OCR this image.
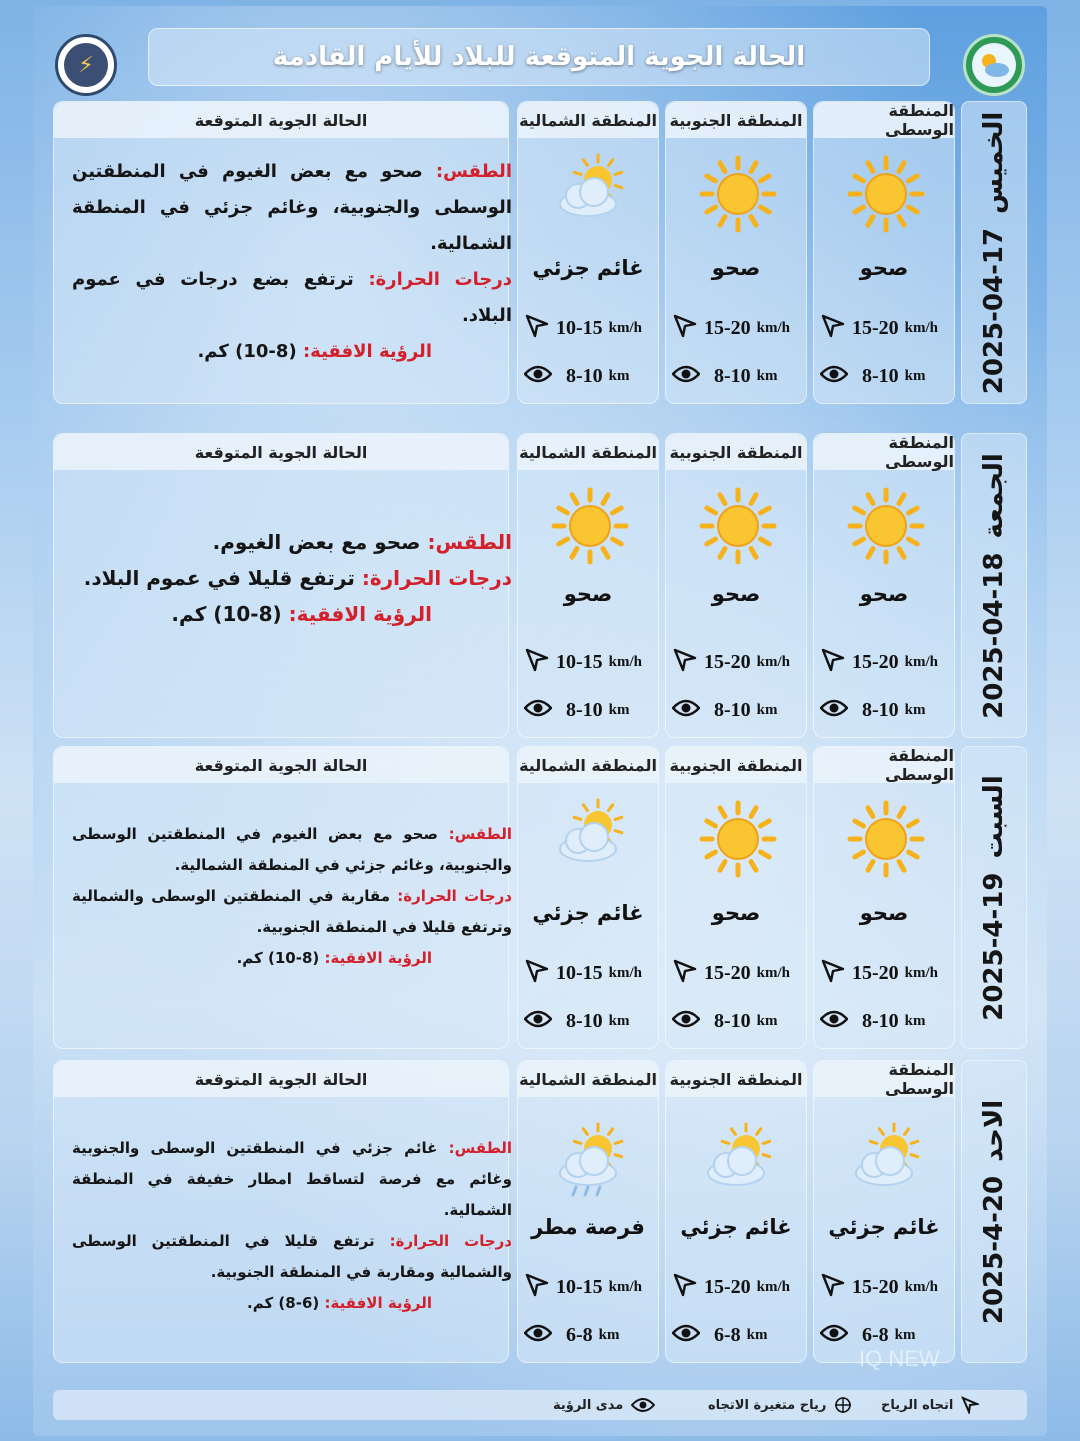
⚡	الحالة الجوية المتوقعة للبلاد للأيام القادمة
2025-04-17
الخميس
المنطقة الوسطى
صحو
15-20 km/h
8-10 km
المنطقة الجنوبية
صحو
15-20 km/h
8-10 km
المنطقة الشمالية
غائم جزئي
10-15 km/h
8-10 km
الحالة الجوية المتوقعة
الطقس: صحو مع بعض الغيوم في المنطقتين الوسطى والجنوبية، وغائم جزئي في المنطقة الشمالية.
درجات الحرارة: ترتفع بضع درجات في عموم البلاد.
الرؤية الافقية: (8-10) كم.
2025-04-18
الجمعة
المنطقة الوسطى
صحو
15-20 km/h
8-10 km
المنطقة الجنوبية
صحو
15-20 km/h
8-10 km
المنطقة الشمالية
صحو
10-15 km/h
8-10 km
الحالة الجوية المتوقعة
الطقس: صحو مع بعض الغيوم.
درجات الحرارة: ترتفع قليلا في عموم البلاد.
الرؤية الافقية: (8-10) كم.
2025-4-19
السبت
المنطقة الوسطى
صحو
15-20 km/h
8-10 km
المنطقة الجنوبية
صحو
15-20 km/h
8-10 km
المنطقة الشمالية
غائم جزئي
10-15 km/h
8-10 km
الحالة الجوية المتوقعة
الطقس: صحو مع بعض الغيوم في المنطقتين الوسطى والجنوبية، وغائم جزئي في المنطقة الشمالية.
درجات الحرارة: مقاربة في المنطقتين الوسطى والشمالية وترتفع قليلا في المنطقة الجنوبية.
الرؤية الافقية: (8-10) كم.
2025-4-20
الاحد
المنطقة الوسطى
غائم جزئي
15-20 km/h
6-8 km
المنطقة الجنوبية
غائم جزئي
15-20 km/h
6-8 km
المنطقة الشمالية
فرصة مطر
10-15 km/h
6-8 km
الحالة الجوية المتوقعة
الطقس: غائم جزئي في المنطقتين الوسطى والجنوبية وغائم مع فرصة لتساقط امطار خفيفة في المنطقة الشمالية.
درجات الحرارة: ترتفع قليلا في المنطقتين الوسطى والشمالية ومقاربة في المنطقة الجنوبية.
الرؤية الافقية: (6-8) كم.
اتجاه الرياح
رياح متغيرة الاتجاه
مدى الرؤية
IQ NEW
